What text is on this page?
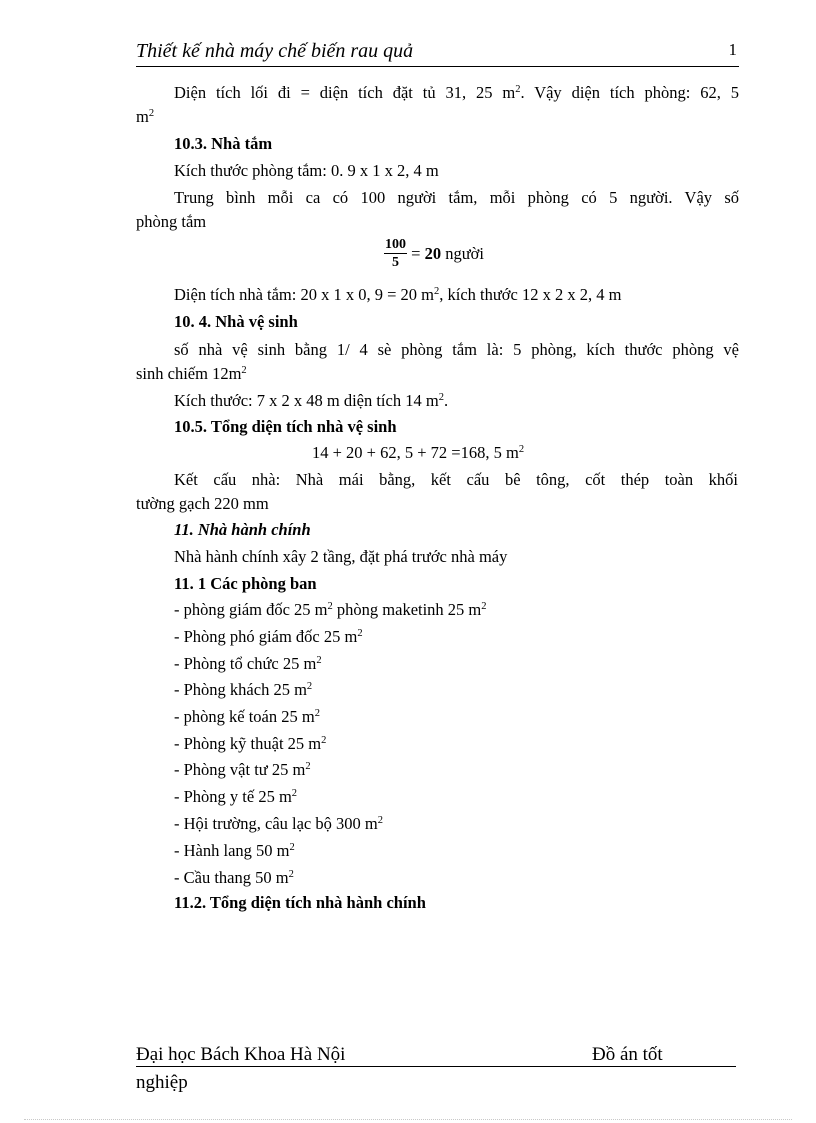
Thiết kế nhà máy chế biến rau quả	1
Diện tích lối đi = diện tích đặt tủ 31, 25 $m^2$. Vậy diện tích phòng: 62, 5
$m^2$
10.3. Nhà tắm
Kích thước phòng tắm: 0. 9 x 1 x 2, 4 m
Trung bình mỗi ca có 100 người tắm, mỗi phòng có 5 người. Vậy số
phòng tắm
$\frac{100}{5} = 20$ người
Diện tích nhà tắm: 20 x 1 x 0, 9 = 20 $m^2$, kích thước 12 x 2 x 2, 4 m
10. 4. Nhà vệ sinh
số nhà vệ sinh bằng 1/ 4 sè phòng tắm là: 5 phòng, kích thước phòng vệ
sinh chiếm $12m^2$
Kích thước: 7 x 2 x 48 m diện tích 14 $m^2$.
10.5. Tổng diện tích nhà vệ sinh
14 + 20 + 62, 5 + 72 =168, 5 $m^2$
Kết cấu nhà: Nhà mái bằng, kết cấu bê tông, cốt thép toàn khối
tường gạch 220 mm
11. Nhà hành chính
Nhà hành chính xây 2 tầng, đặt phá trước nhà máy
11. 1 Các phòng ban
- phòng giám đốc 25 $m^2$ phòng maketinh 25 $m^2$
- Phòng phó giám đốc 25 $m^2$
- Phòng tổ chức 25 $m^2$
- Phòng khách 25 $m^2$
- phòng kế toán 25 $m^2$
- Phòng kỹ thuật 25 $m^2$
- Phòng vật tư 25 $m^2$
- Phòng y tế 25 $m^2$
- Hội trường, câu lạc bộ 300 $m^2$
- Hành lang 50 $m^2$
- Cầu thang 50 $m^2$
11.2. Tổng diện tích nhà hành chính
Đại học Bách Khoa Hà Nội	Đồ án tốt
nghiệp
